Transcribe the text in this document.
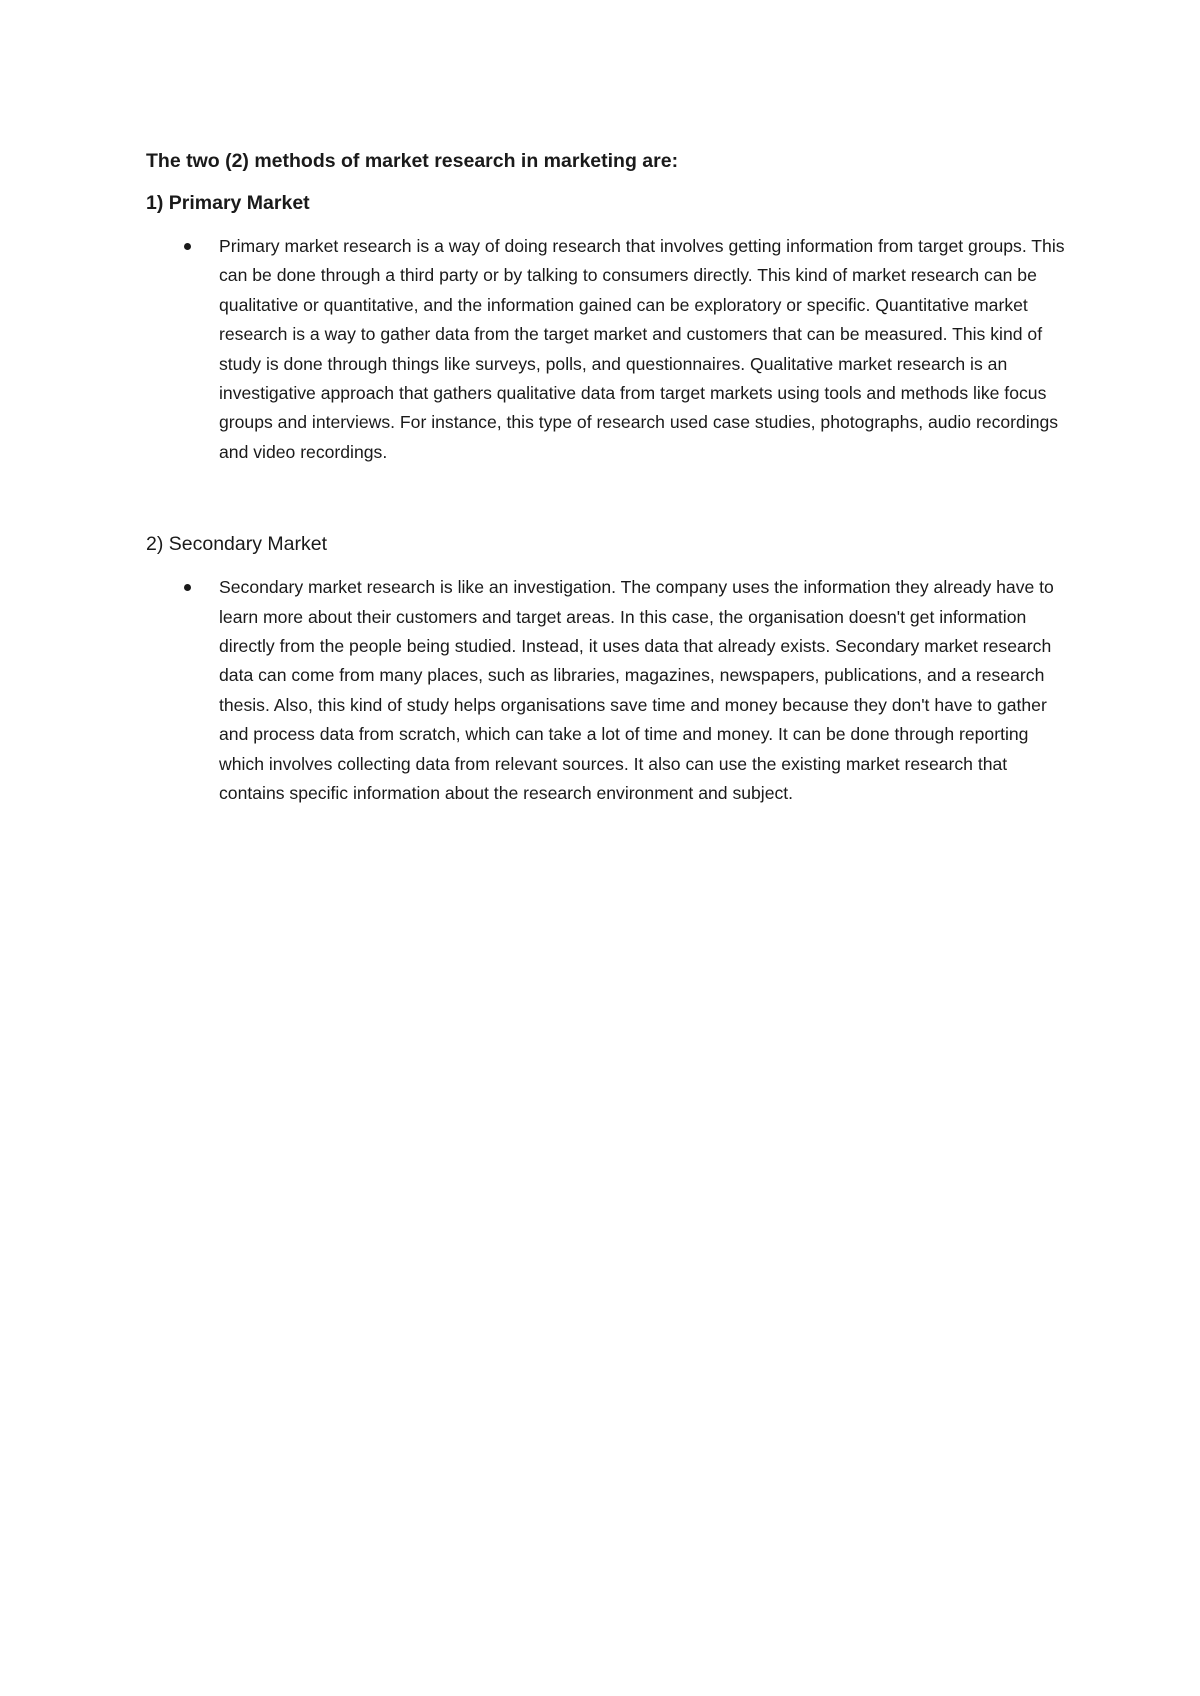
The two (2) methods of market research in marketing are:

1) Primary Market

Primary market research is a way of doing research that involves getting information from target groups. This can be done through a third party or by talking to consumers directly. This kind of market research can be qualitative or quantitative, and the information gained can be exploratory or specific. Quantitative market research is a way to gather data from the target market and customers that can be measured. This kind of study is done through things like surveys, polls, and questionnaires. Qualitative market research is an investigative approach that gathers qualitative data from target markets using tools and methods like focus groups and interviews. For instance, this type of research used case studies, photographs, audio recordings and video recordings.

2) Secondary Market

Secondary market research is like an investigation. The company uses the information they already have to learn more about their customers and target areas. In this case, the organisation doesn't get information directly from the people being studied. Instead, it uses data that already exists. Secondary market research data can come from many places, such as libraries, magazines, newspapers, publications, and a research thesis. Also, this kind of study helps organisations save time and money because they don't have to gather and process data from scratch, which can take a lot of time and money. It can be done through reporting which involves collecting data from relevant sources. It also can use the existing market research that contains specific information about the research environment and subject.
